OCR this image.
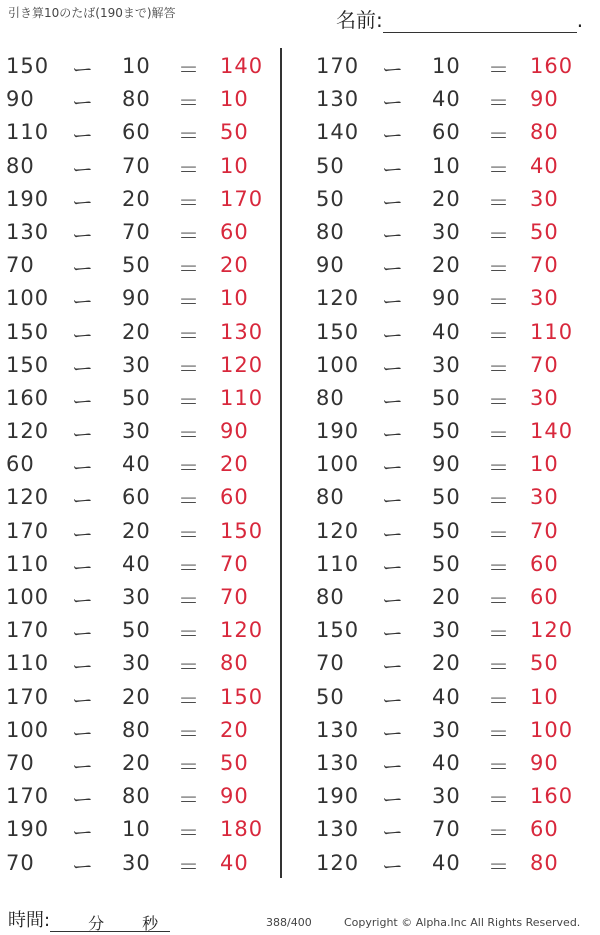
引き算10のたば(190まで)解答	名前:	.
150 ー 10 ＝ 140
90 ー 80 ＝ 10
110 ー 60 ＝ 50
80 ー 70 ＝ 10
190 ー 20 ＝ 170
130 ー 70 ＝ 60
70 ー 50 ＝ 20
100 ー 90 ＝ 10
150 ー 20 ＝ 130
150 ー 30 ＝ 120
160 ー 50 ＝ 110
120 ー 30 ＝ 90
60 ー 40 ＝ 20
120 ー 60 ＝ 60
170 ー 20 ＝ 150
110 ー 40 ＝ 70
100 ー 30 ＝ 70
170 ー 50 ＝ 120
110 ー 30 ＝ 80
170 ー 20 ＝ 150
100 ー 80 ＝ 20
70 ー 20 ＝ 50
170 ー 80 ＝ 90
190 ー 10 ＝ 180
70 ー 30 ＝ 40
170 ー 10 ＝ 160
130 ー 40 ＝ 90
140 ー 60 ＝ 80
50 ー 10 ＝ 40
50 ー 20 ＝ 30
80 ー 30 ＝ 50
90 ー 20 ＝ 70
120 ー 90 ＝ 30
150 ー 40 ＝ 110
100 ー 30 ＝ 70
80 ー 50 ＝ 30
190 ー 50 ＝ 140
100 ー 90 ＝ 10
80 ー 50 ＝ 30
120 ー 50 ＝ 70
110 ー 50 ＝ 60
80 ー 20 ＝ 60
150 ー 30 ＝ 120
70 ー 20 ＝ 50
50 ー 40 ＝ 10
130 ー 30 ＝ 100
130 ー 40 ＝ 90
190 ー 30 ＝ 160
130 ー 70 ＝ 60
120 ー 40 ＝ 80
時間: 分 秒	388/400	Copyright © Alpha.Inc All Rights Reserved.
